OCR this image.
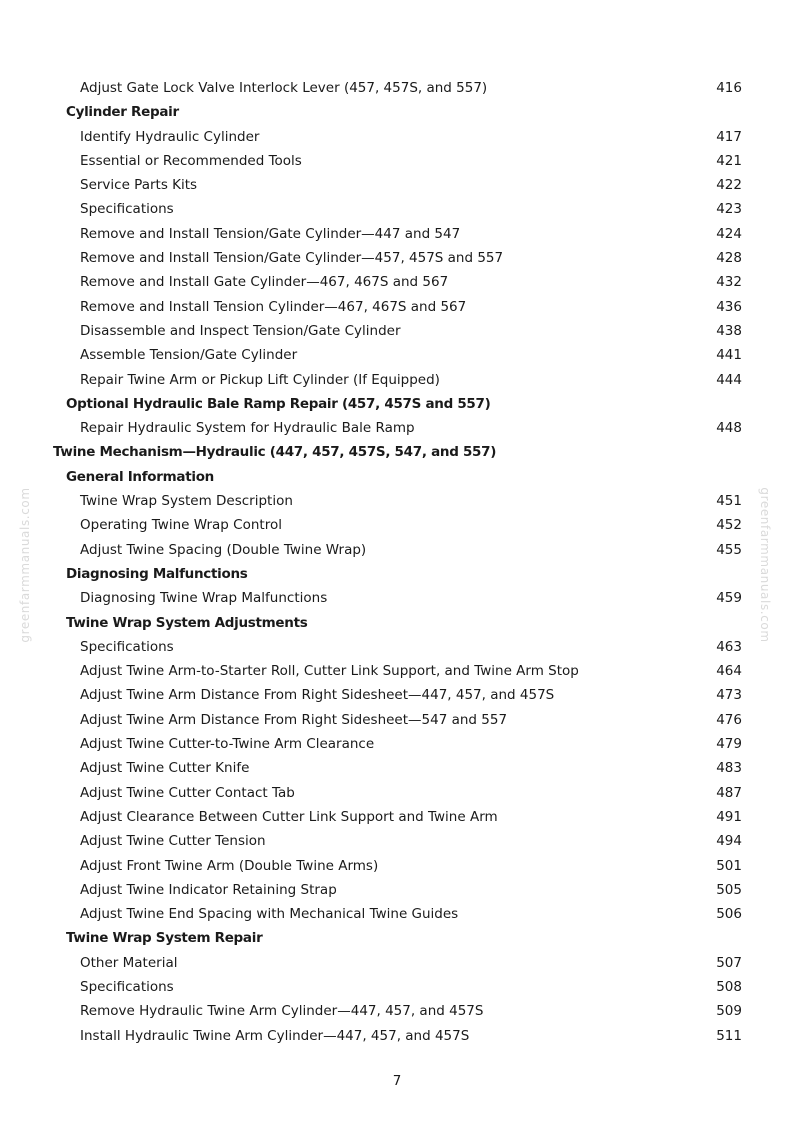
greenfarmmanuals.com	greenfarmmanuals.com
Adjust Gate Lock Valve Interlock Lever (457, 457S, and 557)	416
Cylinder Repair
Identify Hydraulic Cylinder	417
Essential or Recommended Tools	421
Service Parts Kits	422
Specifications	423
Remove and Install Tension/Gate Cylinder—447 and 547	424
Remove and Install Tension/Gate Cylinder—457, 457S and 557	428
Remove and Install Gate Cylinder—467, 467S and 567	432
Remove and Install Tension Cylinder—467, 467S and 567	436
Disassemble and Inspect Tension/Gate Cylinder	438
Assemble Tension/Gate Cylinder	441
Repair Twine Arm or Pickup Lift Cylinder (If Equipped)	444
Optional Hydraulic Bale Ramp Repair (457, 457S and 557)
Repair Hydraulic System for Hydraulic Bale Ramp	448
Twine Mechanism—Hydraulic (447, 457, 457S, 547, and 557)
General Information
Twine Wrap System Description	451
Operating Twine Wrap Control	452
Adjust Twine Spacing (Double Twine Wrap)	455
Diagnosing Malfunctions
Diagnosing Twine Wrap Malfunctions	459
Twine Wrap System Adjustments
Specifications	463
Adjust Twine Arm-to-Starter Roll, Cutter Link Support, and Twine Arm Stop	464
Adjust Twine Arm Distance From Right Sidesheet—447, 457, and 457S	473
Adjust Twine Arm Distance From Right Sidesheet—547 and 557	476
Adjust Twine Cutter-to-Twine Arm Clearance	479
Adjust Twine Cutter Knife	483
Adjust Twine Cutter Contact Tab	487
Adjust Clearance Between Cutter Link Support and Twine Arm	491
Adjust Twine Cutter Tension	494
Adjust Front Twine Arm (Double Twine Arms)	501
Adjust Twine Indicator Retaining Strap	505
Adjust Twine End Spacing with Mechanical Twine Guides	506
Twine Wrap System Repair
Other Material	507
Specifications	508
Remove Hydraulic Twine Arm Cylinder—447, 457, and 457S	509
Install Hydraulic Twine Arm Cylinder—447, 457, and 457S	511
7
